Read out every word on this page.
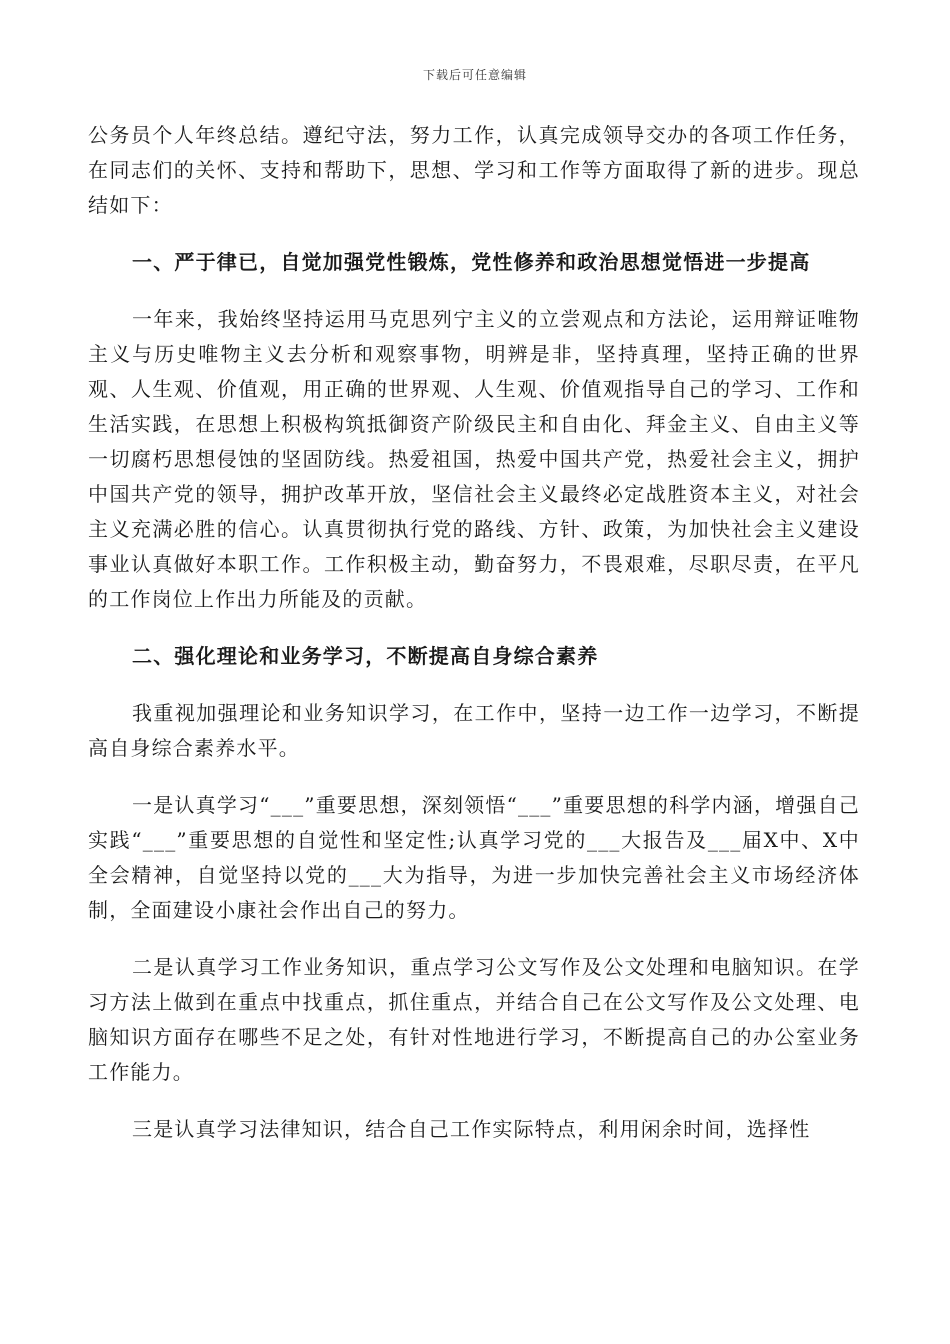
下载后可任意编辑

公务员个人年终总结。遵纪守法，努力工作，认真完成领导交办的各项工作任务，在同志们的关怀、支持和帮助下，思想、学习和工作等方面取得了新的进步。现总结如下：

一、严于律已，自觉加强党性锻炼，党性修养和政治思想觉悟进一步提高

一年来，我始终坚持运用马克思列宁主义的立尝观点和方法论，运用辩证唯物主义与历史唯物主义去分析和观察事物，明辨是非，坚持真理，坚持正确的世界观、人生观、价值观，用正确的世界观、人生观、价值观指导自己的学习、工作和生活实践，在思想上积极构筑抵御资产阶级民主和自由化、拜金主义、自由主义等一切腐朽思想侵蚀的坚固防线。热爱祖国，热爱中国共产党，热爱社会主义，拥护中国共产党的领导，拥护改革开放，坚信社会主义最终必定战胜资本主义，对社会主义充满必胜的信心。认真贯彻执行党的路线、方针、政策，为加快社会主义建设事业认真做好本职工作。工作积极主动，勤奋努力，不畏艰难，尽职尽责，在平凡的工作岗位上作出力所能及的贡献。

二、强化理论和业务学习，不断提高自身综合素养

我重视加强理论和业务知识学习，在工作中，坚持一边工作一边学习，不断提高自身综合素养水平。

一是认真学习“___”重要思想，深刻领悟“___”重要思想的科学内涵，增强自己实践“___”重要思想的自觉性和坚定性;认真学习党的___大报告及___届X中、X中全会精神，自觉坚持以党的___大为指导，为进一步加快完善社会主义市场经济体制，全面建设小康社会作出自己的努力。

二是认真学习工作业务知识，重点学习公文写作及公文处理和电脑知识。在学习方法上做到在重点中找重点，抓住重点，并结合自己在公文写作及公文处理、电脑知识方面存在哪些不足之处，有针对性地进行学习，不断提高自己的办公室业务工作能力。

三是认真学习法律知识，结合自己工作实际特点，利用闲余时间，选择性
